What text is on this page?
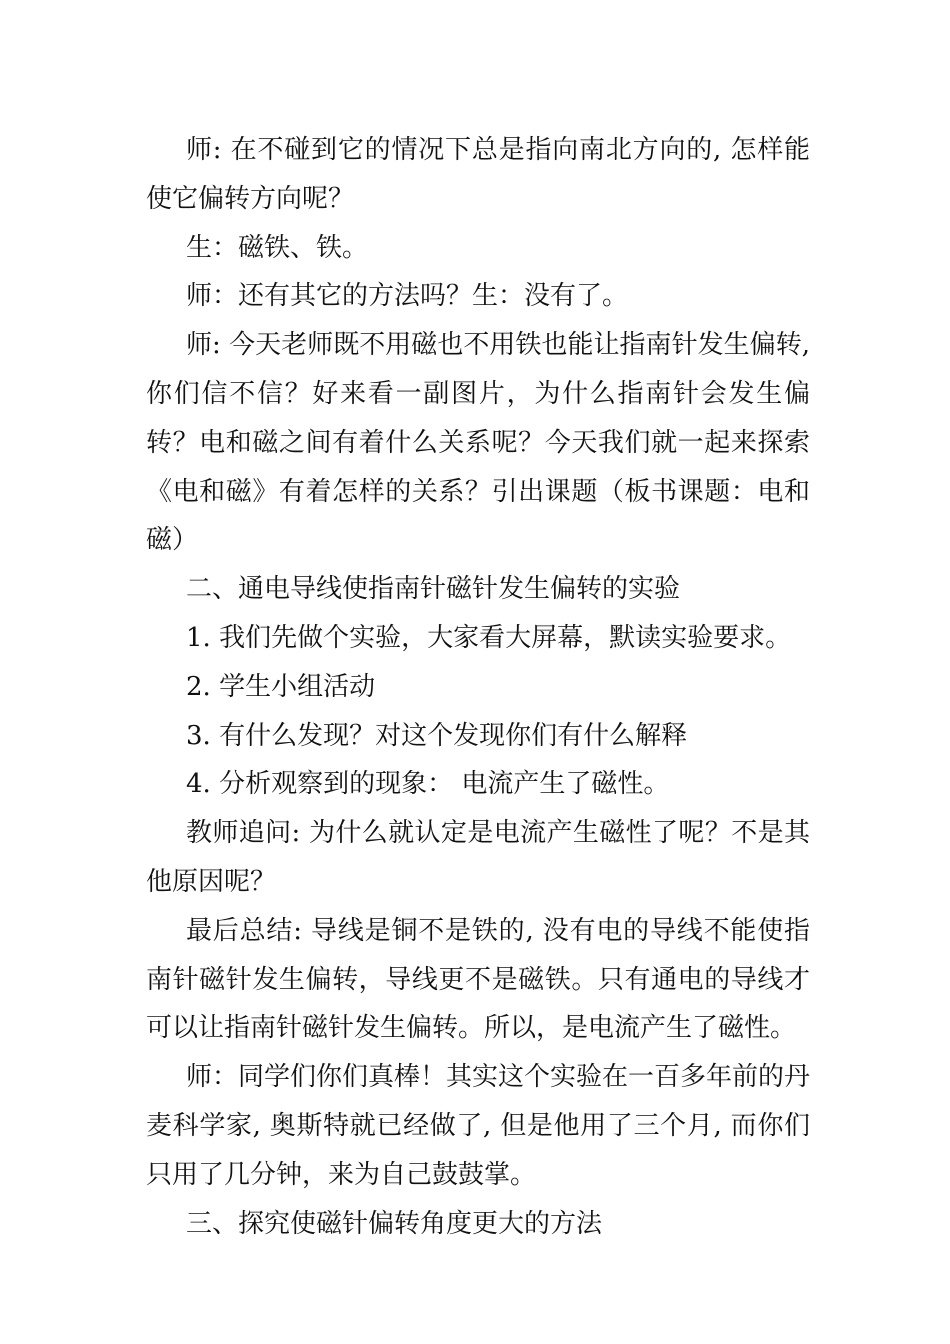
师: 在不碰到它的情况下总是指向南北方向的, 怎样能使它偏转方向呢？

生：磁铁、铁。

师：还有其它的方法吗？生：没有了。

师: 今天老师既不用磁也不用铁也能让指南针发生偏转, 你们信不信？好来看一副图片，为什么指南针会发生偏转？电和磁之间有着什么关系呢？今天我们就一起来探索《电和磁》有着怎样的关系？引出课题（板书课题：电和磁）

二、通电导线使指南针磁针发生偏转的实验

1. 我们先做个实验，大家看大屏幕，默读实验要求。

2. 学生小组活动

3. 有什么发现？对这个发现你们有什么解释

4. 分析观察到的现象： 电流产生了磁性。

教师追问: 为什么就认定是电流产生磁性了呢？不是其他原因呢？

最后总结: 导线是铜不是铁的, 没有电的导线不能使指南针磁针发生偏转，导线更不是磁铁。只有通电的导线才可以让指南针磁针发生偏转。所以，是电流产生了磁性。

师：同学们你们真棒！其实这个实验在一百多年前的丹麦科学家, 奥斯特就已经做了, 但是他用了三个月, 而你们只用了几分钟，来为自己鼓鼓掌。

三、探究使磁针偏转角度更大的方法
